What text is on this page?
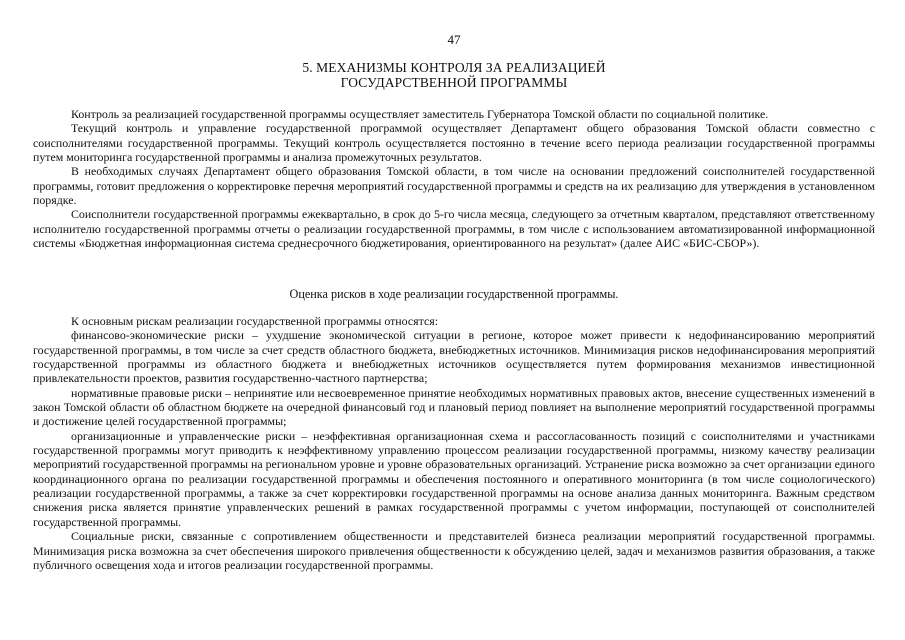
47
5. МЕХАНИЗМЫ КОНТРОЛЯ ЗА РЕАЛИЗАЦИЕЙ
ГОСУДАРСТВЕННОЙ ПРОГРАММЫ

Контроль за реализацией государственной программы осуществляет заместитель Губернатора Томской области по социальной политике.

Текущий контроль и управление государственной программой осуществляет Департамент общего образования Томской области совместно с соисполнителями государственной программы. Текущий контроль осуществляется постоянно в течение всего периода реализации государственной программы путем мониторинга государственной программы и анализа промежуточных результатов.

В необходимых случаях Департамент общего образования Томской области, в том числе на основании предложений соисполнителей государственной программы, готовит предложения о корректировке перечня мероприятий государственной программы и средств на их реализацию для утверждения в установленном порядке.

Соисполнители государственной программы ежеквартально, в срок до 5-го числа месяца, следующего за отчетным кварталом, представляют ответственному исполнителю государственной программы отчеты о реализации государственной программы, в том числе с использованием автоматизированной информационной системы «Бюджетная информационная система среднесрочного бюджетирования, ориентированного на результат» (далее АИС «БИС-СБОР»).

Оценка рисков в ходе реализации государственной программы.

К основным рискам реализации государственной программы относятся:

финансово-экономические риски – ухудшение экономической ситуации в регионе, которое может привести к недофинансированию мероприятий государственной программы, в том числе за счет средств областного бюджета, внебюджетных источников. Минимизация рисков недофинансирования мероприятий государственной программы из областного бюджета и внебюджетных источников осуществляется путем формирования механизмов инвестиционной привлекательности проектов, развития государственно-частного партнерства;

нормативные правовые риски – непринятие или несвоевременное принятие необходимых нормативных правовых актов, внесение существенных изменений в закон Томской области об областном бюджете на очередной финансовый год и плановый период повлияет на выполнение мероприятий государственной программы и достижение целей государственной программы;

организационные и управленческие риски – неэффективная организационная схема и рассогласованность позиций с соисполнителями и участниками государственной программы могут приводить к неэффективному управлению процессом реализации государственной программы, низкому качеству реализации мероприятий государственной программы на региональном уровне и уровне образовательных организаций. Устранение риска возможно за счет организации единого координационного органа по реализации государственной программы и обеспечения постоянного и оперативного мониторинга (в том числе социологического) реализации государственной программы, а также за счет корректировки государственной программы на основе анализа данных мониторинга. Важным средством снижения риска является принятие управленческих решений в рамках государственной программы с учетом информации, поступающей от соисполнителей государственной программы.

Социальные риски, связанные с сопротивлением общественности и представителей бизнеса реализации мероприятий государственной программы. Минимизация риска возможна за счет обеспечения широкого привлечения общественности к обсуждению целей, задач и механизмов развития образования, а также публичного освещения хода и итогов реализации государственной программы.
